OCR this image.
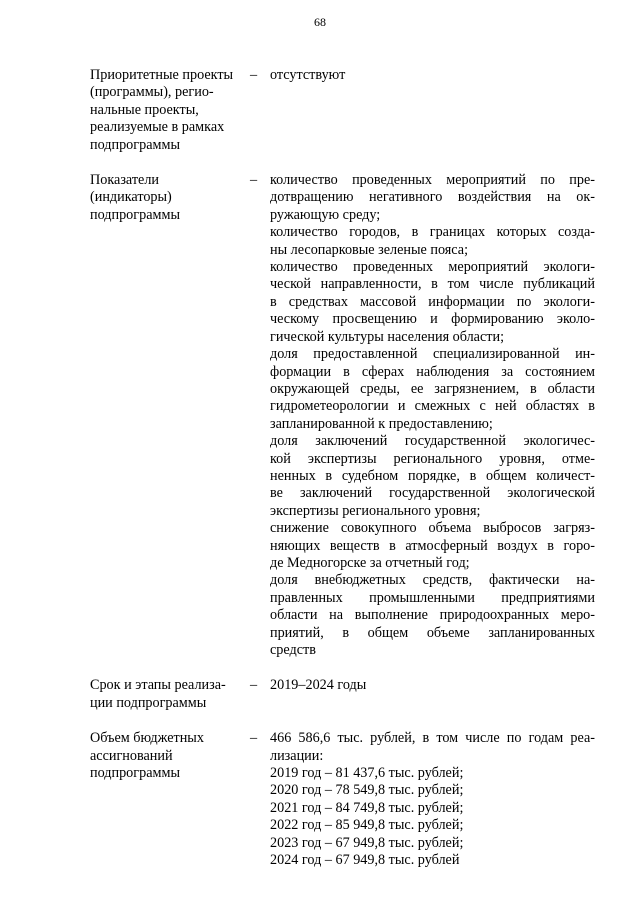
68
Приоритетные проекты
(программы), регио-
нальные проекты,
реализуемые в рамках
подпрограммы
– отсутствуют
Показатели
(индикаторы)
подпрограммы
– количество проведенных мероприятий по пре-
дотвращению негативного воздействия на ок-
ружающую среду;
количество городов, в границах которых созда-
ны лесопарковые зеленые пояса;
количество проведенных мероприятий экологи-
ческой направленности, в том числе публикаций
в средствах массовой информации по экологи-
ческому просвещению и формированию эколо-
гической культуры населения области;
доля предоставленной специализированной ин-
формации в сферах наблюдения за состоянием
окружающей среды, ее загрязнением, в области
гидрометеорологии и смежных с ней областях в
запланированной к предоставлению;
доля заключений государственной экологичес-
кой экспертизы регионального уровня, отме-
ненных в судебном порядке, в общем количест-
ве заключений государственной экологической
экспертизы регионального уровня;
снижение совокупного объема выбросов загряз-
няющих веществ в атмосферный воздух в горо-
де Медногорске за отчетный год;
доля внебюджетных средств, фактически на-
правленных промышленными предприятиями
области на выполнение природоохранных меро-
приятий, в общем объеме запланированных
средств
Срок и этапы реализа-
ции подпрограммы
– 2019–2024 годы
Объем бюджетных
ассигнований
подпрограммы
– 466 586,6 тыс. рублей, в том числе по годам реа-
лизации:
2019 год – 81 437,6 тыс. рублей;
2020 год – 78 549,8 тыс. рублей;
2021 год – 84 749,8 тыс. рублей;
2022 год – 85 949,8 тыс. рублей;
2023 год – 67 949,8 тыс. рублей;
2024 год – 67 949,8 тыс. рублей
